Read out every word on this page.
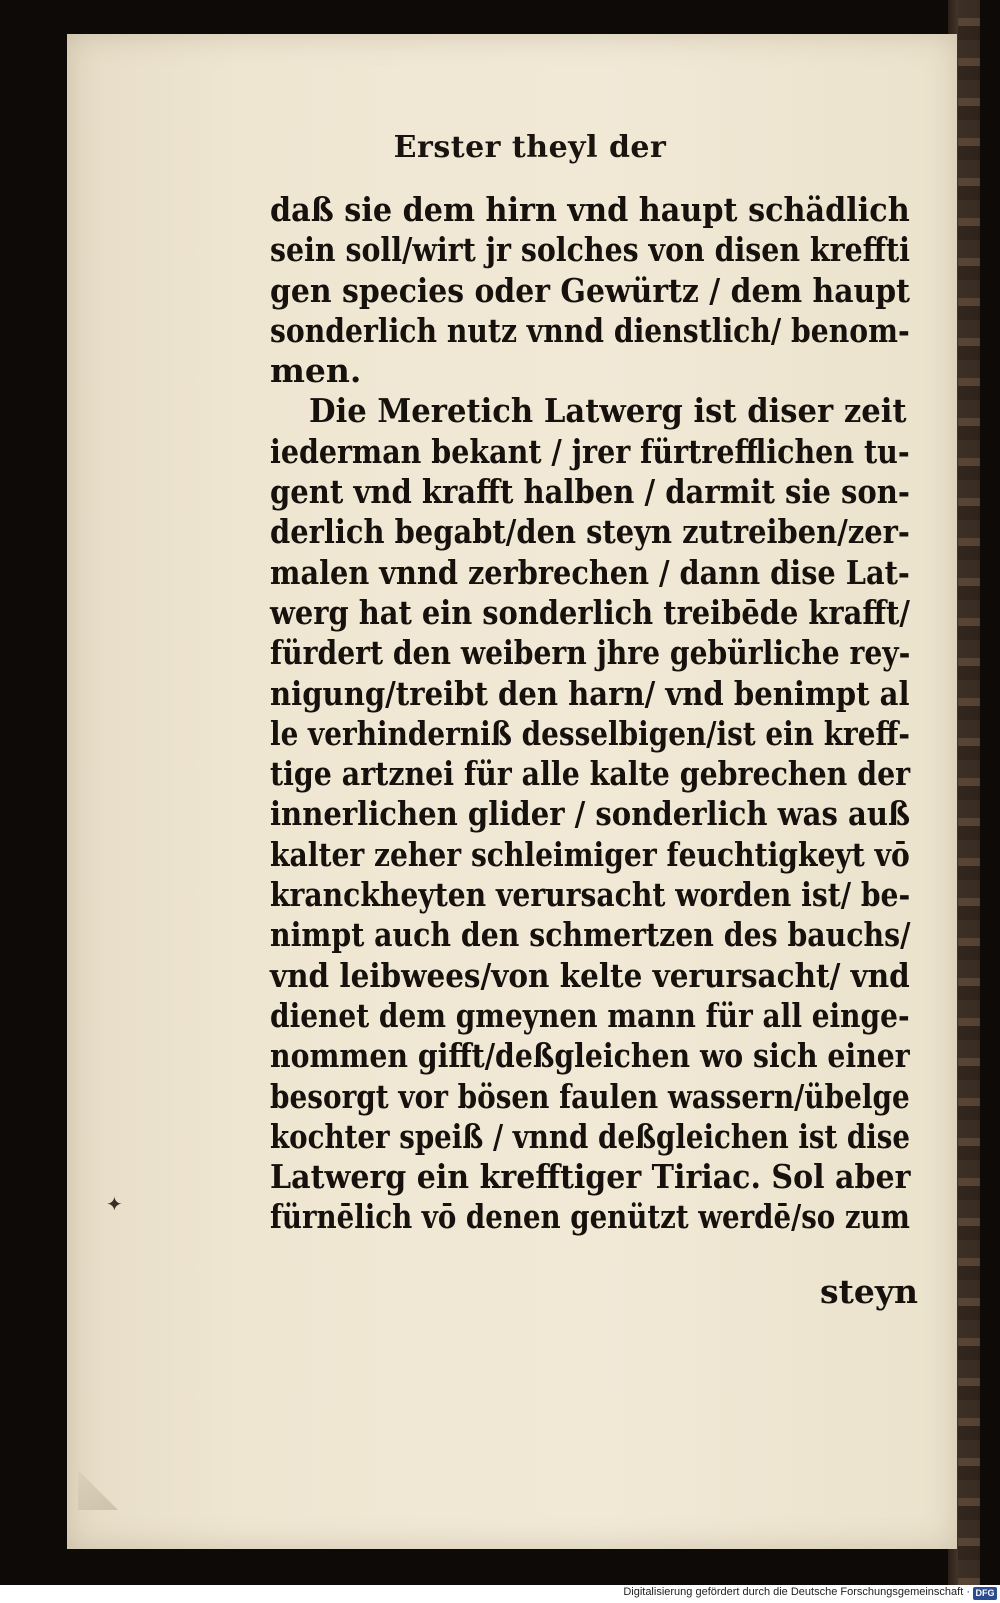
Erster theyl der
daß sie dem hirn vnd haupt schädlich
sein soll/wirt jr solches von disen kreffti
gen species oder Gewürtz / dem haupt
sonderlich nutz vnnd dienstlich/ benom-
men.
Die Meretich Latwerg ist diser zeit
iederman bekant / jrer fürtrefflichen tu-
gent vnd krafft halben / darmit sie son-
derlich begabt/den steyn zutreiben/zer-
malen vnnd zerbrechen / dann dise Lat-
werg hat ein sonderlich treibēde krafft/
fürdert den weibern jhre gebürliche rey-
nigung/treibt den harn/ vnd benimpt al
le verhinderniß desselbigen/ist ein kreff-
tige artznei für alle kalte gebrechen der
innerlichen glider / sonderlich was auß
kalter zeher schleimiger feuchtigkeyt vō
kranckheyten verursacht worden ist/ be-
nimpt auch den schmertzen des bauchs/
vnd leibwees/von kelte verursacht/ vnd
dienet dem gmeynen mann für all einge-
nommen gifft/deßgleichen wo sich einer
besorgt vor bösen faulen wassern/übelge
kochter speiß / vnnd deßgleichen ist dise
Latwerg ein krefftiger Tiriac. Sol aber
fürnēlich vō denen genützt werdē/so zum
steyn
✦
Digitalisierung gefördert durch die Deutsche Forschungsgemeinschaft · DFG
